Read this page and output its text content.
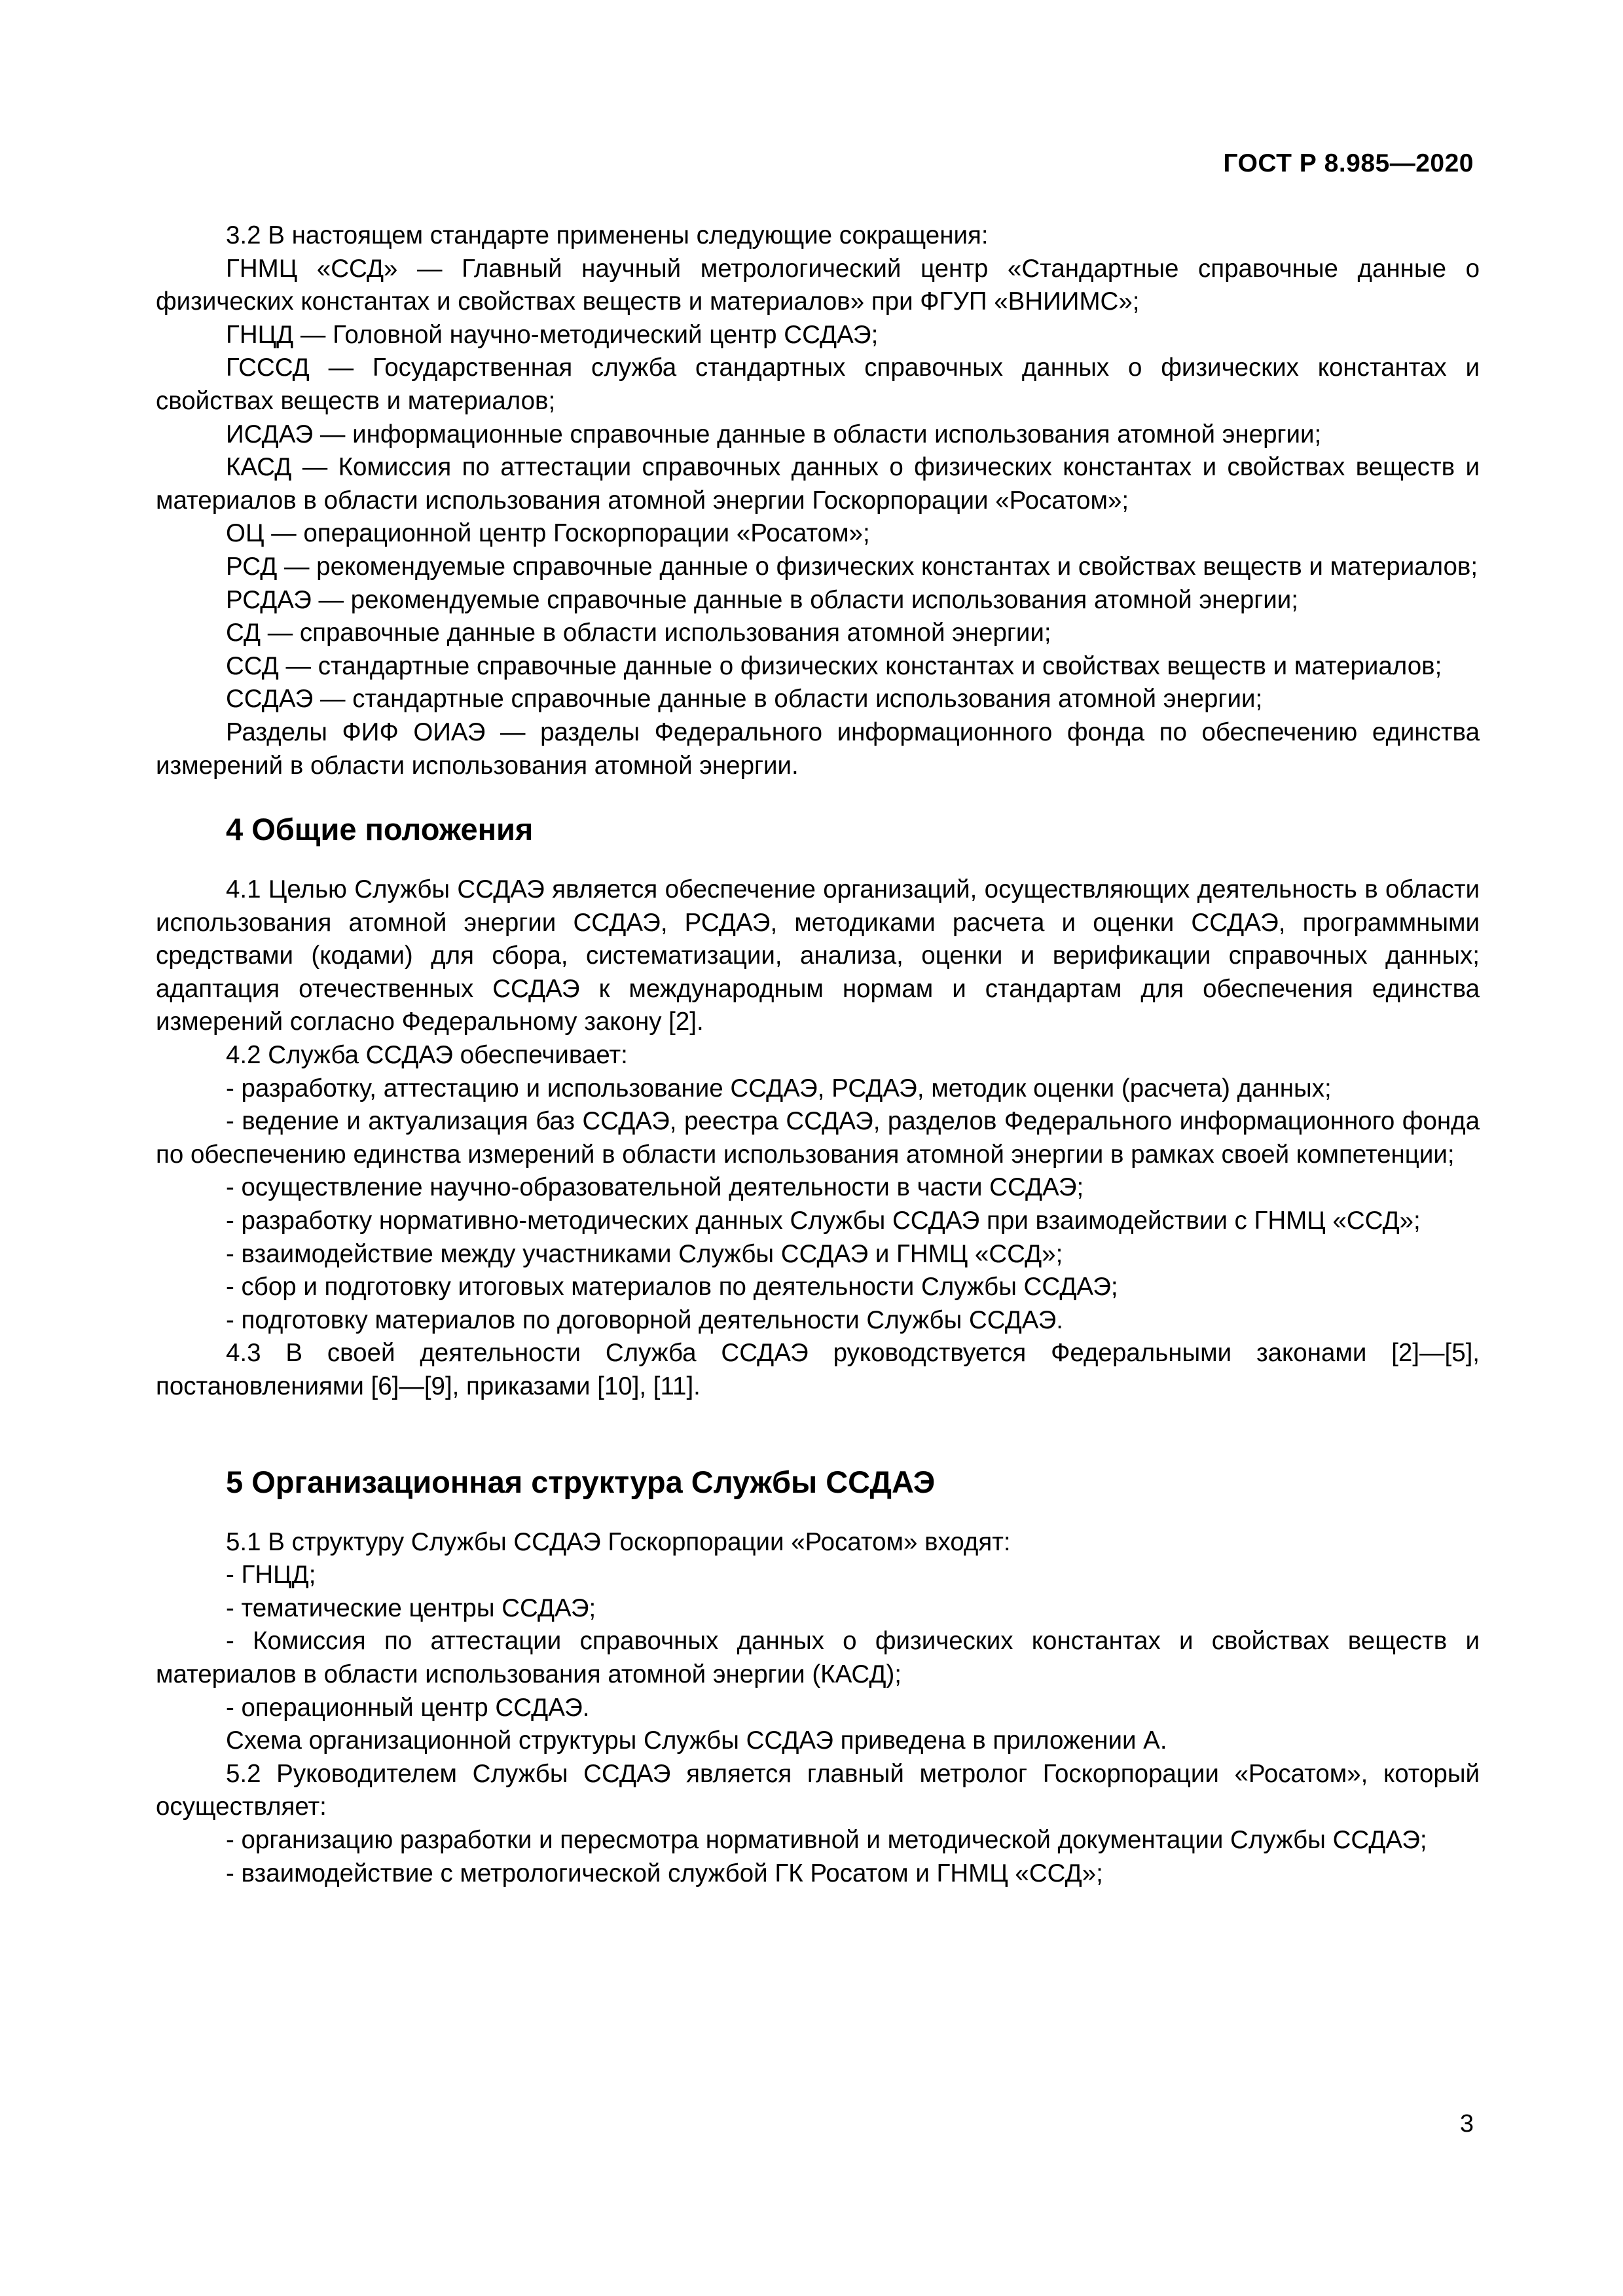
ГОСТ Р 8.985—2020

3.2 В настоящем стандарте применены следующие сокращения:

ГНМЦ «ССД» — Главный научный метрологический центр «Стандартные справочные данные о физических константах и свойствах веществ и материалов» при ФГУП «ВНИИМС»;

ГНЦД — Головной научно-методический центр ССДАЭ;

ГСССД — Государственная служба стандартных справочных данных о физических константах и свойствах веществ и материалов;

ИСДАЭ — информационные справочные данные в области использования атомной энергии;

КАСД — Комиссия по аттестации справочных данных о физических константах и свойствах веществ и материалов в области использования атомной энергии Госкорпорации «Росатом»;

ОЦ — операционной центр Госкорпорации «Росатом»;

РСД — рекомендуемые справочные данные о физических константах и свойствах веществ и материалов;

РСДАЭ — рекомендуемые справочные данные в области использования атомной энергии;

СД — справочные данные в области использования атомной энергии;

ССД — стандартные справочные данные о физических константах и свойствах веществ и материалов;

ССДАЭ — стандартные справочные данные в области использования атомной энергии;

Разделы ФИФ ОИАЭ — разделы Федерального информационного фонда по обеспечению единства измерений в области использования атомной энергии.

4 Общие положения

4.1 Целью Службы ССДАЭ является обеспечение организаций, осуществляющих деятельность в области использования атомной энергии ССДАЭ, РСДАЭ, методиками расчета и оценки ССДАЭ, программными средствами (кодами) для сбора, систематизации, анализа, оценки и верификации справочных данных; адаптация отечественных ССДАЭ к международным нормам и стандартам для обеспечения единства измерений согласно Федеральному закону [2].

4.2 Служба ССДАЭ обеспечивает:

- разработку, аттестацию и использование ССДАЭ, РСДАЭ, методик оценки (расчета) данных;

- ведение и актуализация баз ССДАЭ, реестра ССДАЭ, разделов Федерального информационного фонда по обеспечению единства измерений в области использования атомной энергии в рамках своей компетенции;

- осуществление научно-образовательной деятельности в части ССДАЭ;

- разработку нормативно-методических данных Службы ССДАЭ при взаимодействии с ГНМЦ «ССД»;

- взаимодействие между участниками Службы ССДАЭ и ГНМЦ «ССД»;

- сбор и подготовку итоговых материалов по деятельности Службы ССДАЭ;

- подготовку материалов по договорной деятельности Службы ССДАЭ.

4.3 В своей деятельности Служба ССДАЭ руководствуется Федеральными законами [2]—[5], постановлениями [6]—[9], приказами [10], [11].

5 Организационная структура Службы ССДАЭ

5.1 В структуру Службы ССДАЭ Госкорпорации «Росатом» входят:

- ГНЦД;

- тематические центры ССДАЭ;

- Комиссия по аттестации справочных данных о физических константах и свойствах веществ и материалов в области использования атомной энергии (КАСД);

- операционный центр ССДАЭ.

Схема организационной структуры Службы ССДАЭ приведена в приложении А.

5.2 Руководителем Службы ССДАЭ является главный метролог Госкорпорации «Росатом», который осуществляет:

- организацию разработки и пересмотра нормативной и методической документации Службы ССДАЭ;

- взаимодействие с метрологической службой ГК Росатом и ГНМЦ «ССД»;

3
